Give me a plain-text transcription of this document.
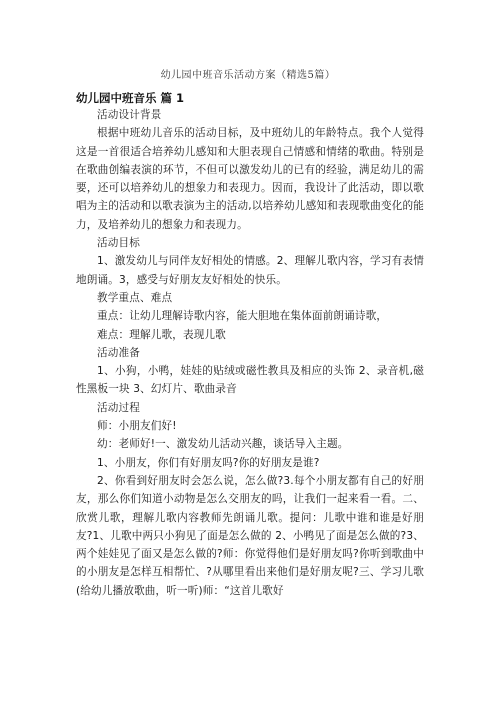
幼儿园中班音乐活动方案（精选5篇）
幼儿园中班音乐 篇 1

活动设计背景

根据中班幼儿音乐的活动目标，及中班幼儿的年龄特点。我个人觉得这是一首很适合培养幼儿感知和大胆表现自己情感和情绪的歌曲。特别是在歌曲创编表演的环节，不但可以激发幼儿的已有的经验，满足幼儿的需要，还可以培养幼儿的想象力和表现力。因而，我设计了此活动，即以歌唱为主的活动和以歌表演为主的活动,以培养幼儿感知和表现歌曲变化的能力，及培养幼儿的想象力和表现力。

活动目标

1、激发幼儿与同伴友好相处的情感。2、理解儿歌内容，学习有表情地朗诵。3，感受与好朋友友好相处的快乐。

教学重点、难点

重点：让幼儿理解诗歌内容，能大胆地在集体面前朗诵诗歌，

难点：理解儿歌，表现儿歌

活动准备

1、小狗，小鸭，娃娃的贴绒或磁性教具及相应的头饰 2、录音机,磁性黑板一块 3、幻灯片、歌曲录音

活动过程

师：小朋友们好!

幼：老师好!一、激发幼儿活动兴趣，谈话导入主题。

1、小朋友，你们有好朋友吗?你的好朋友是谁?

2、你看到好朋友时会怎么说，怎么做?3.每个小朋友都有自己的好朋友，那么你们知道小动物是怎么交朋友的吗，让我们一起来看一看。二、欣赏儿歌，理解儿歌内容教师先朗诵儿歌。提问：儿歌中谁和谁是好朋友?1、儿歌中两只小狗见了面是怎么做的 2、小鸭见了面是怎么做的?3、两个娃娃见了面又是怎么做的?师：你觉得他们是好朋友吗?你听到歌曲中的小朋友是怎样互相帮忙、?从哪里看出来他们是好朋友呢?三、学习儿歌(给幼儿播放歌曲，听一听)师：“这首儿歌好
